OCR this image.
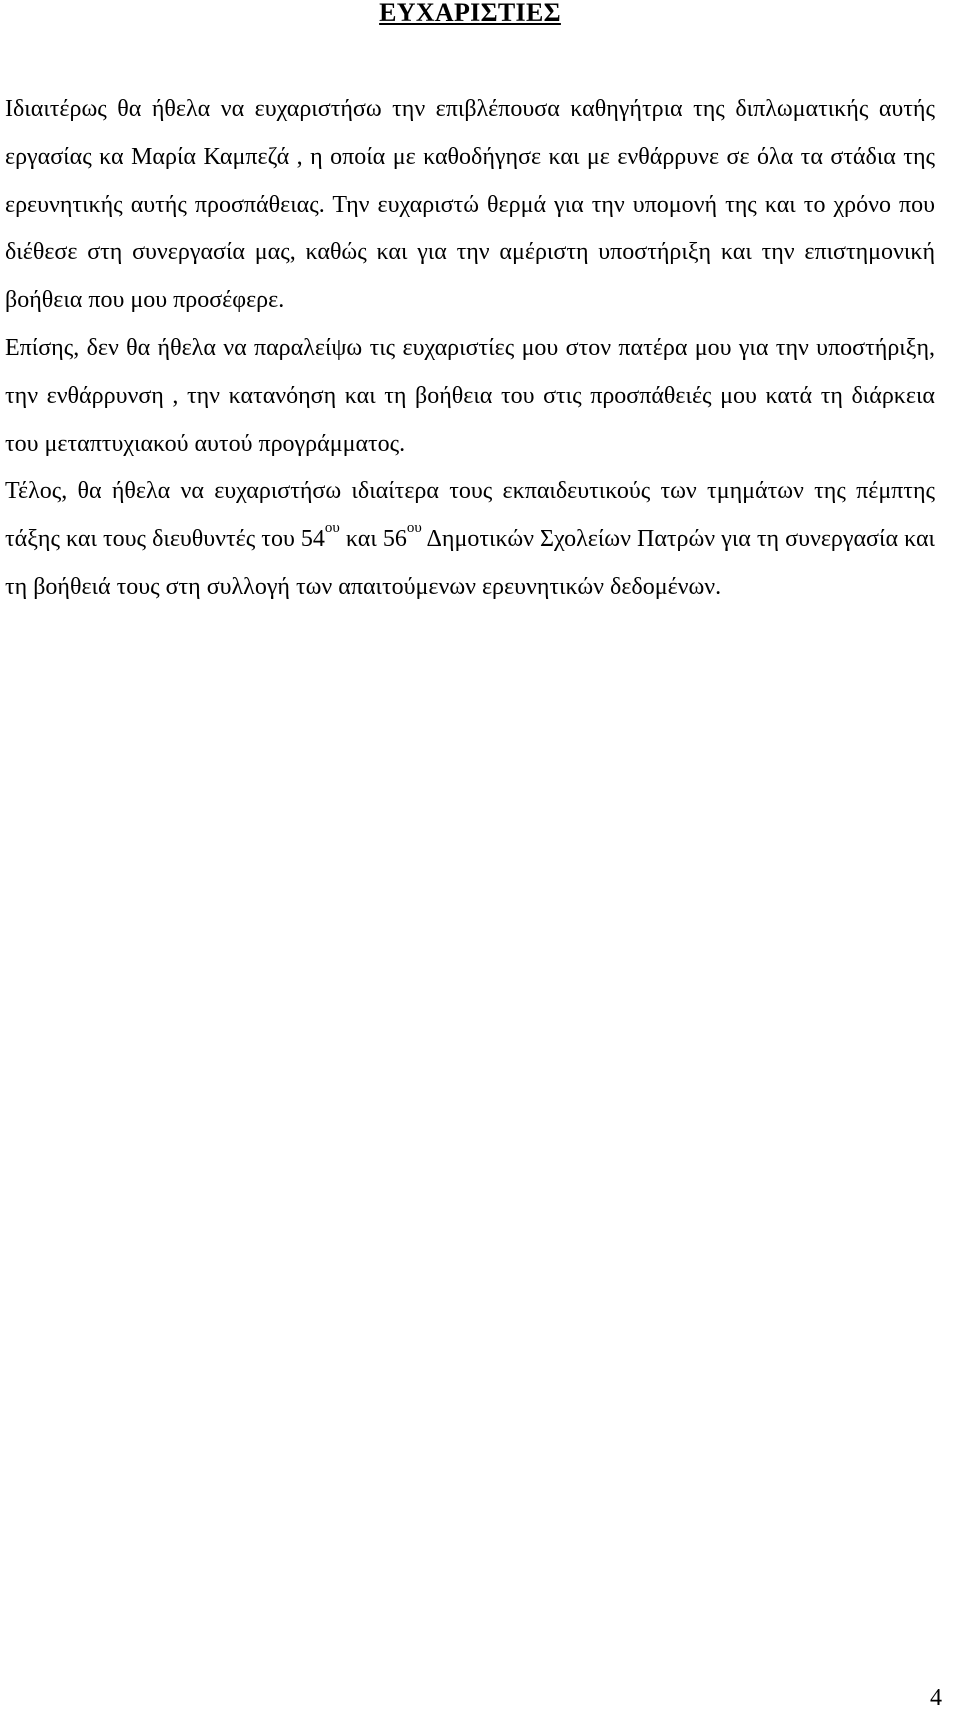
ΕΥΧΑΡΙΣΤΙΕΣ

Ιδιαιτέρως θα ήθελα να ευχαριστήσω την επιβλέπουσα καθηγήτρια της διπλωματικής αυτής εργασίας κα Μαρία Καμπεζά , η οποία με καθοδήγησε και με ενθάρρυνε σε όλα τα στάδια της ερευνητικής αυτής προσπάθειας. Την ευχαριστώ θερμά για την υπομονή της και το χρόνο που διέθεσε στη συνεργασία μας, καθώς και για την αμέριστη υποστήριξη και την επιστημονική βοήθεια που μου προσέφερε.

Επίσης, δεν θα ήθελα να παραλείψω τις ευχαριστίες μου στον πατέρα μου για την υποστήριξη, την ενθάρρυνση , την κατανόηση και τη βοήθεια του στις προσπάθειές μου κατά τη διάρκεια του μεταπτυχιακού αυτού προγράμματος.

Τέλος, θα ήθελα να ευχαριστήσω ιδιαίτερα τους εκπαιδευτικούς των τμημάτων της πέμπτης τάξης και τους διευθυντές του $54^{o\upsilon}$ και $56^{o\upsilon}$ Δημοτικών Σχολείων Πατρών για τη συνεργασία και τη βοήθειά τους στη συλλογή των απαιτούμενων ερευνητικών δεδομένων.

4
